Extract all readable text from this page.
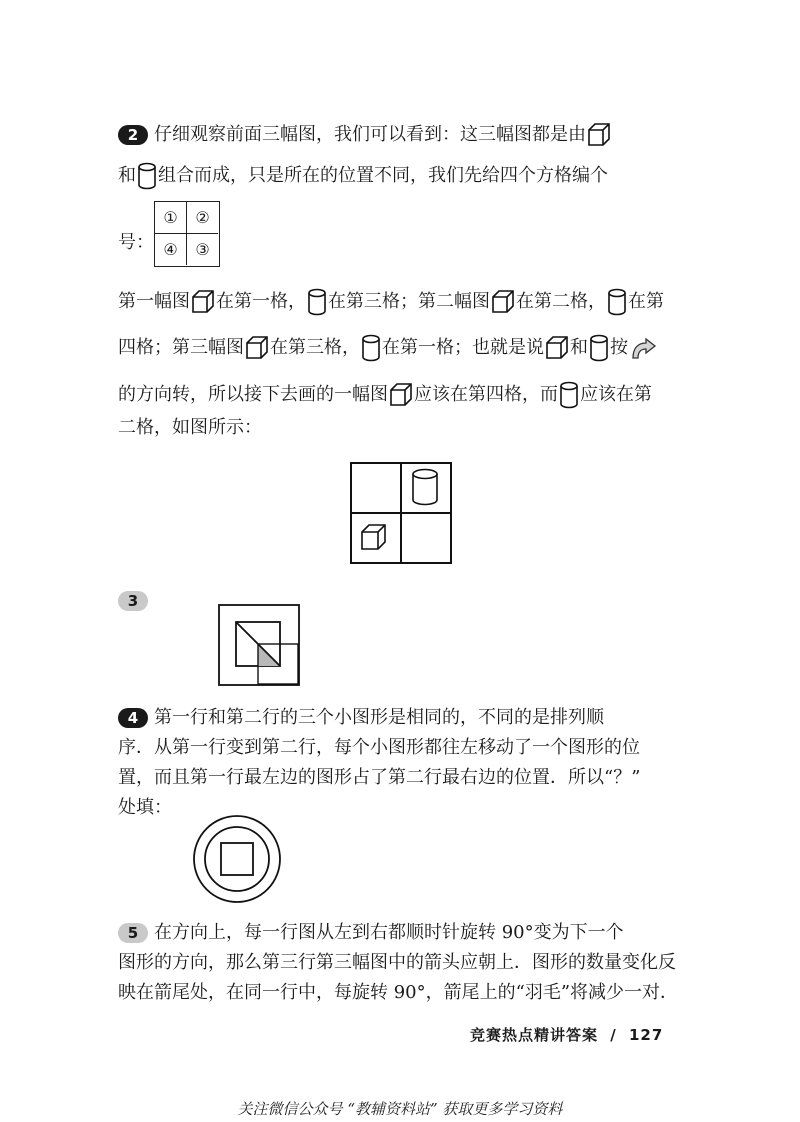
2 仔细观察前面三幅图，我们可以看到：这三幅图都是由
和 组合而成，只是所在的位置不同，我们先给四个方格编个
号：
①	②
④	③
第一幅图 在第一格， 在第三格；第二幅图 在第二格， 在第
四格；第三幅图 在第三格， 在第一格；也就是说 和 按
的方向转，所以接下去画的一幅图 应该在第四格，而 应该在第
二格，如图所示：
3
4 第一行和第二行的三个小图形是相同的，不同的是排列顺
序．从第一行变到第二行，每个小图形都往左移动了一个图形的位
置，而且第一行最左边的图形占了第二行最右边的位置．所以“？”
处填：
5 在方向上，每一行图从左到右都顺时针旋转 90°变为下一个
图形的方向，那么第三行第三幅图中的箭头应朝上．图形的数量变化反
映在箭尾处，在同一行中，每旋转 90°，箭尾上的“羽毛”将减少一对．
竞赛热点精讲答案 / 127
关注微信公众号 “教辅资料站” 获取更多学习资料
